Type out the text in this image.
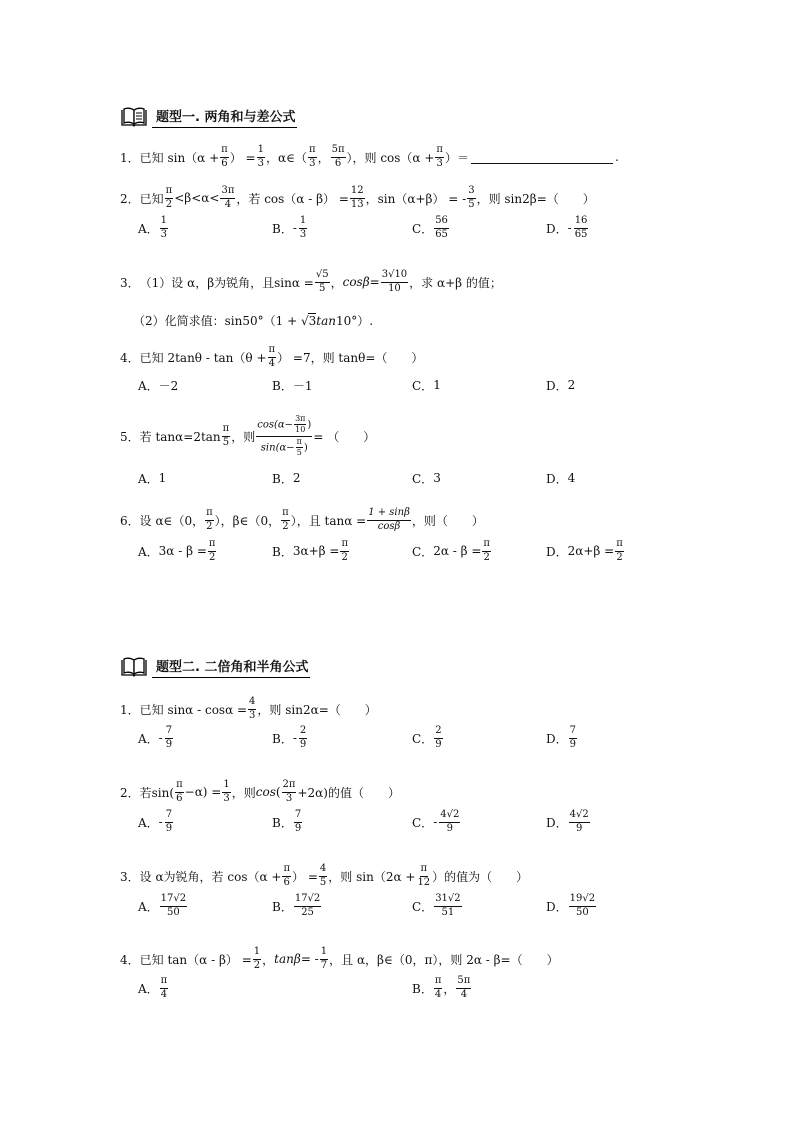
题型一. 两角和与差公式
1． 已知 $\sin(\alpha + \frac{\pi}{6}$ ） = $\frac{1}{3}$ ，α∈（ $\frac{\pi}{3}$ ， $\frac{5\pi}{6}$ ），则 $\cos(\alpha + \frac{\pi}{3}$ ）＝	.
2． 已知 $\frac{\pi}{2} <\beta<\alpha< \frac{3\pi}{4}$ ，若 $\cos(\alpha - \beta) = \frac{12}{13}$ ，sin（α+β） = - $\frac{3}{5}$ ，则 sin2β=（　　）
A． $\frac{1}{3}$	B． - $\frac{1}{3}$	C． $\frac{56}{65}$	D． - $\frac{16}{65}$
3． （1）设 α，β为锐角，且$\sin\alpha = \frac{√5}{5}$ ， $\cos\beta = \frac{3√10}{10}$ ，求 α+β 的值；
（2）化简求值：sin50°（1 + √ 3 tan 10°）.
4． 已知 $2\tan\theta - \tan(\theta + \frac{\pi}{4}$ ） =7，则 tanθ=（　　）
A． －2	B． －1	C． 1	D． 2
5． 若 $\tan\alpha=2\tan \frac{\pi}{5}$ ，则 $\frac{\cos(\alpha- \frac{3\pi}{10} )}{\sin(\alpha- \frac{\pi}{5} )}$ = （　　）
A． 1	B． 2	C． 3	D． 4
6． 设 α∈（0， $\frac{\pi}{2}$ ），β∈（0， $\frac{\pi}{2}$ ），且 $\tan\alpha = \frac{1 + \sin\beta}{\cos\beta}$ ，则（　　）
A． $3\alpha - \beta = \frac{\pi}{2}$	B． $3\alpha+\beta = \frac{\pi}{2}$	C． $2\alpha - \beta = \frac{\pi}{2}$	D． $2\alpha+\beta = \frac{\pi}{2}$
题型二. 二倍角和半角公式
1． 已知 $\sin\alpha - \cos\alpha = \frac{4}{3}$ ，则 sin2α=（　　）
A． - $\frac{7}{9}$	B． - $\frac{2}{9}$	C． $\frac{2}{9}$	D． $\frac{7}{9}$
2． 若$\sin( \frac{\pi}{6} -\alpha) = \frac{1}{3}$ ，则 cos ( $\frac{2\pi}{3} +2\alpha$)的值（　　）
A． - $\frac{7}{9}$	B． $\frac{7}{9}$	C． - $\frac{4√2}{9}$	D． $\frac{4√2}{9}$
3． 设 α为锐角，若 $\cos(\alpha + \frac{\pi}{6}$ ） = $\frac{4}{5}$ ，则 $\sin(2\alpha + \frac{\pi}{12}$ ）的值为（　　）
A． $\frac{17√2}{50}$	B． $\frac{17√2}{25}$	C． $\frac{31√2}{51}$	D． $\frac{19√2}{50}$
4． 已知 $\tan(\alpha - \beta) = \frac{1}{2}$ ， tanβ = - $\frac{1}{7}$ ，且 α，β∈（0，π），则 2α - β=（　　）
A． $\frac{\pi}{4}$	B． $\frac{\pi}{4}$ ， $\frac{5\pi}{4}$
